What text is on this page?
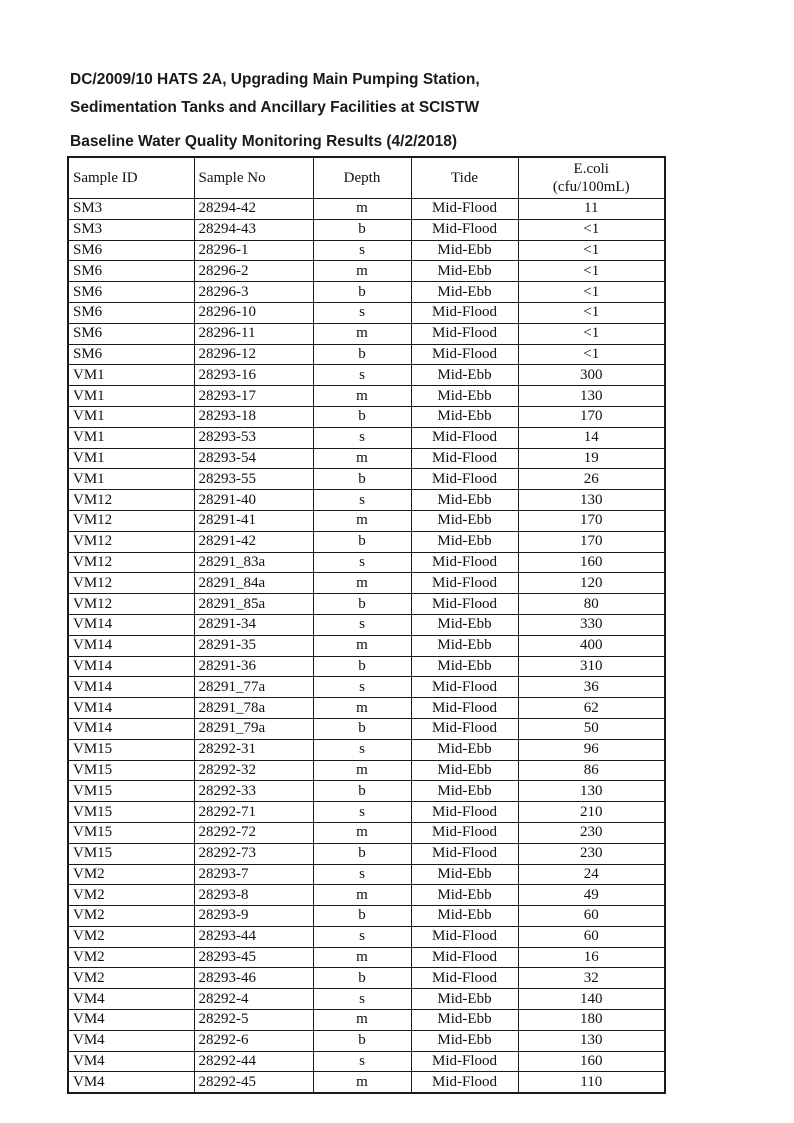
DC/2009/10 HATS 2A, Upgrading Main Pumping Station,
Sedimentation Tanks and Ancillary Facilities at SCISTW
Baseline Water Quality Monitoring Results (4/2/2018)
Sample ID	Sample No	Depth	Tide	E.coli
(cfu/100mL)

SM3	28294-42	m	Mid-Flood	11
SM3	28294-43	b	Mid-Flood	<1
SM6	28296-1	s	Mid-Ebb	<1
SM6	28296-2	m	Mid-Ebb	<1
SM6	28296-3	b	Mid-Ebb	<1
SM6	28296-10	s	Mid-Flood	<1
SM6	28296-11	m	Mid-Flood	<1
SM6	28296-12	b	Mid-Flood	<1
VM1	28293-16	s	Mid-Ebb	300
VM1	28293-17	m	Mid-Ebb	130
VM1	28293-18	b	Mid-Ebb	170
VM1	28293-53	s	Mid-Flood	14
VM1	28293-54	m	Mid-Flood	19
VM1	28293-55	b	Mid-Flood	26
VM12	28291-40	s	Mid-Ebb	130
VM12	28291-41	m	Mid-Ebb	170
VM12	28291-42	b	Mid-Ebb	170
VM12	28291_83a	s	Mid-Flood	160
VM12	28291_84a	m	Mid-Flood	120
VM12	28291_85a	b	Mid-Flood	80
VM14	28291-34	s	Mid-Ebb	330
VM14	28291-35	m	Mid-Ebb	400
VM14	28291-36	b	Mid-Ebb	310
VM14	28291_77a	s	Mid-Flood	36
VM14	28291_78a	m	Mid-Flood	62
VM14	28291_79a	b	Mid-Flood	50
VM15	28292-31	s	Mid-Ebb	96
VM15	28292-32	m	Mid-Ebb	86
VM15	28292-33	b	Mid-Ebb	130
VM15	28292-71	s	Mid-Flood	210
VM15	28292-72	m	Mid-Flood	230
VM15	28292-73	b	Mid-Flood	230
VM2	28293-7	s	Mid-Ebb	24
VM2	28293-8	m	Mid-Ebb	49
VM2	28293-9	b	Mid-Ebb	60
VM2	28293-44	s	Mid-Flood	60
VM2	28293-45	m	Mid-Flood	16
VM2	28293-46	b	Mid-Flood	32
VM4	28292-4	s	Mid-Ebb	140
VM4	28292-5	m	Mid-Ebb	180
VM4	28292-6	b	Mid-Ebb	130
VM4	28292-44	s	Mid-Flood	160
VM4	28292-45	m	Mid-Flood	110
